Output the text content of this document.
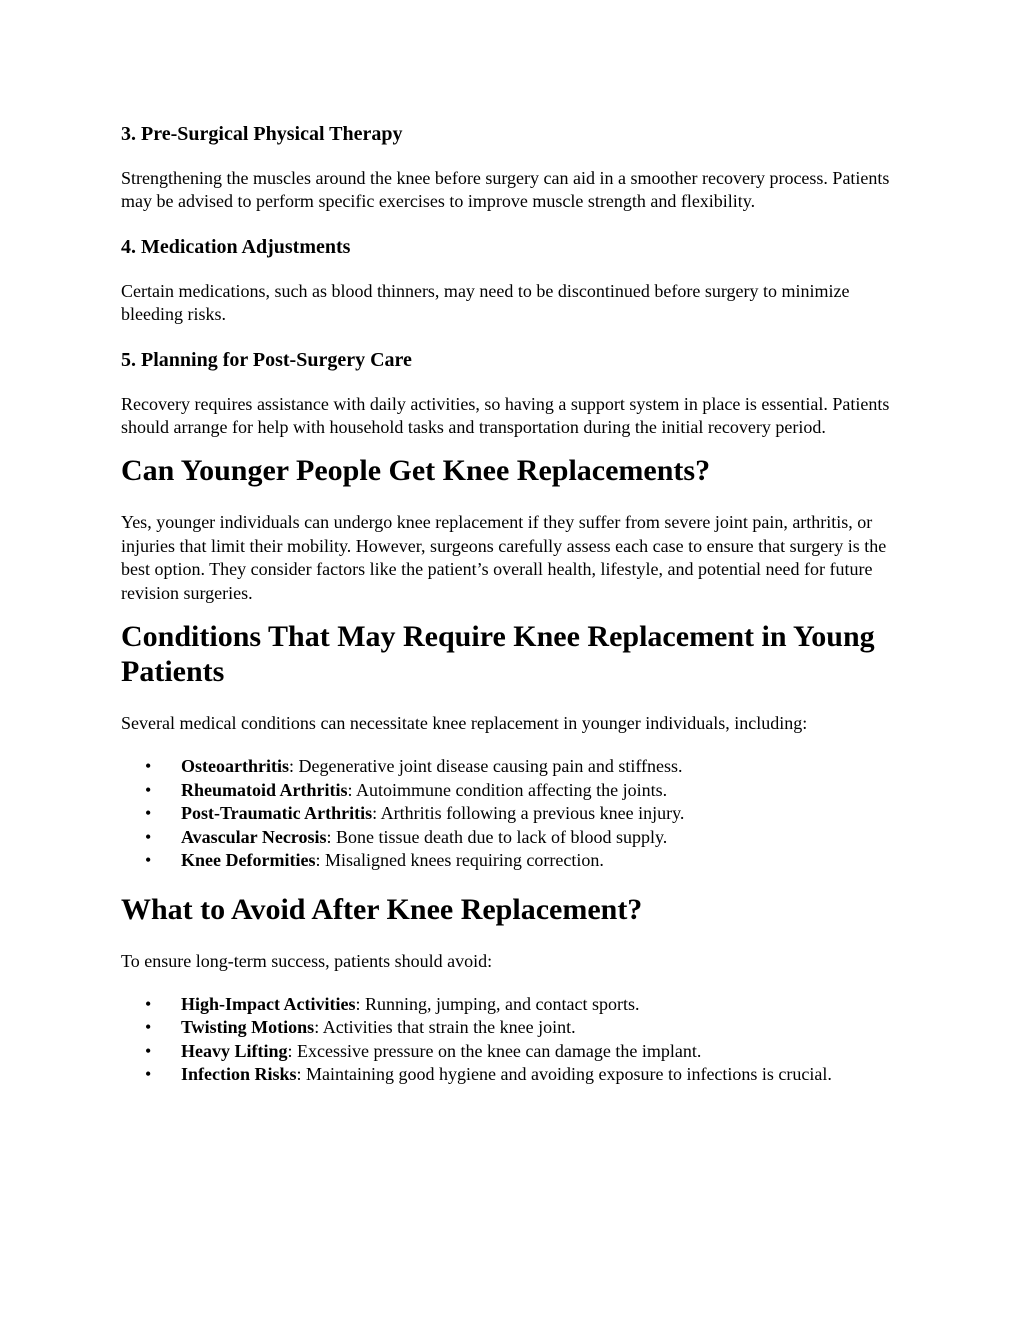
3. Pre-Surgical Physical Therapy

Strengthening the muscles around the knee before surgery can aid in a smoother recovery process. Patients may be advised to perform specific exercises to improve muscle strength and flexibility.

4. Medication Adjustments

Certain medications, such as blood thinners, may need to be discontinued before surgery to minimize bleeding risks.

5. Planning for Post-Surgery Care

Recovery requires assistance with daily activities, so having a support system in place is essential. Patients should arrange for help with household tasks and transportation during the initial recovery period.

Can Younger People Get Knee Replacements?

Yes, younger individuals can undergo knee replacement if they suffer from severe joint pain, arthritis, or injuries that limit their mobility. However, surgeons carefully assess each case to ensure that surgery is the best option. They consider factors like the patient’s overall health, lifestyle, and potential need for future revision surgeries.

Conditions That May Require Knee Replacement in Young Patients

Several medical conditions can necessitate knee replacement in younger individuals, including:

• Osteoarthritis: Degenerative joint disease causing pain and stiffness.
• Rheumatoid Arthritis: Autoimmune condition affecting the joints.
• Post-Traumatic Arthritis: Arthritis following a previous knee injury.
• Avascular Necrosis: Bone tissue death due to lack of blood supply.
• Knee Deformities: Misaligned knees requiring correction.
What to Avoid After Knee Replacement?

To ensure long-term success, patients should avoid:

• High-Impact Activities: Running, jumping, and contact sports.
• Twisting Motions: Activities that strain the knee joint.
• Heavy Lifting: Excessive pressure on the knee can damage the implant.
• Infection Risks: Maintaining good hygiene and avoiding exposure to infections is crucial.
